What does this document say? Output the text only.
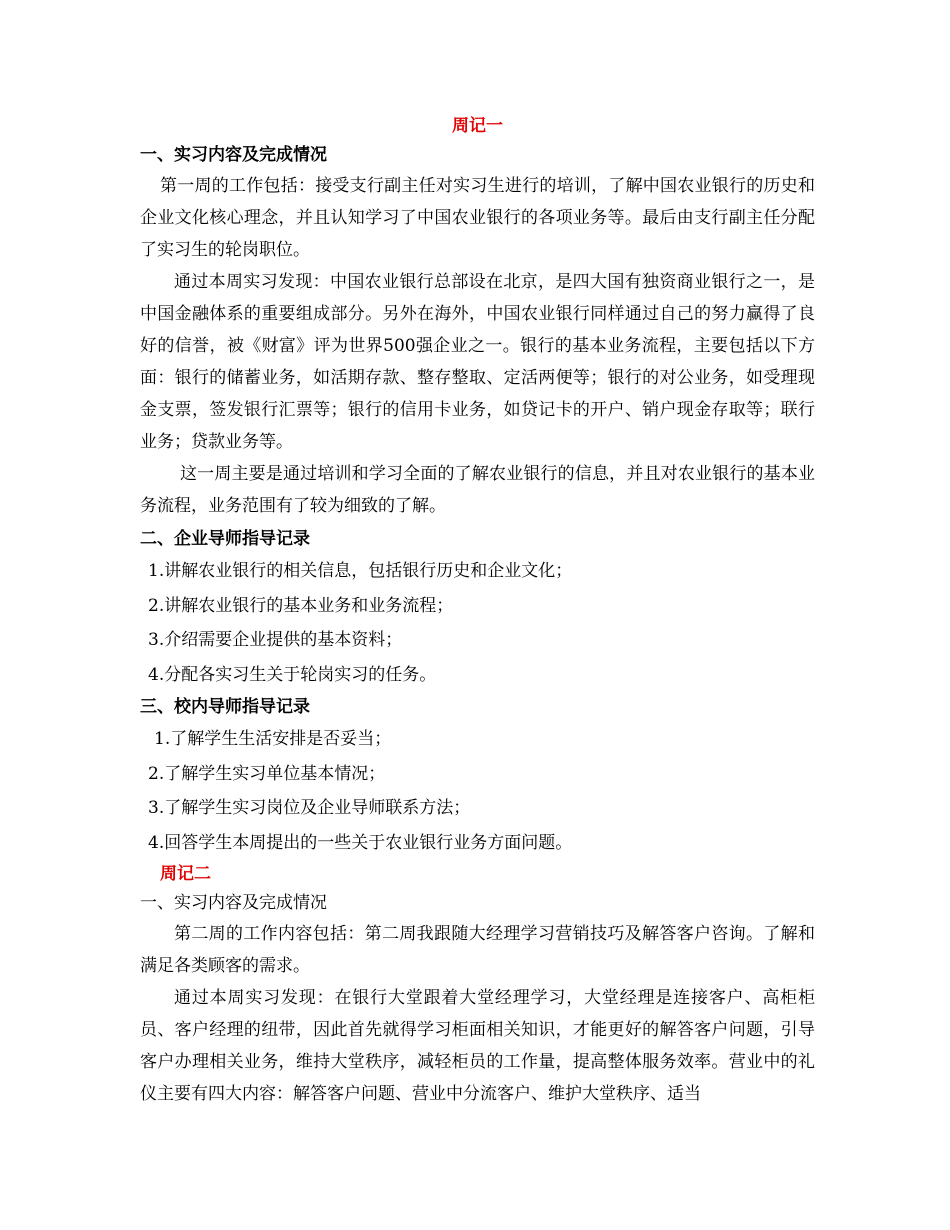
周记一
一、实习内容及完成情况

第一周的工作包括：接受支行副主任对实习生进行的培训，了解中国农业银行的历史和企业文化核心理念，并且认知学习了中国农业银行的各项业务等。最后由支行副主任分配了实习生的轮岗职位。

通过本周实习发现：中国农业银行总部设在北京，是四大国有独资商业银行之一，是中国金融体系的重要组成部分。另外在海外，中国农业银行同样通过自己的努力赢得了良好的信誉，被《财富》评为世界500强企业之一。银行的基本业务流程，主要包括以下方面：银行的储蓄业务，如活期存款、整存整取、定活两便等；银行的对公业务，如受理现金支票，签发银行汇票等；银行的信用卡业务，如贷记卡的开户、销户现金存取等；联行业务；贷款业务等。

这一周主要是通过培训和学习全面的了解农业银行的信息，并且对农业银行的基本业务流程，业务范围有了较为细致的了解。

二、企业导师指导记录

1.讲解农业银行的相关信息，包括银行历史和企业文化；

2.讲解农业银行的基本业务和业务流程；

3.介绍需要企业提供的基本资料；

4.分配各实习生关于轮岗实习的任务。

三、校内导师指导记录

1.了解学生生活安排是否妥当；

2.了解学生实习单位基本情况；

3.了解学生实习岗位及企业导师联系方法；

4.回答学生本周提出的一些关于农业银行业务方面问题。

周记二
一、实习内容及完成情况

第二周的工作内容包括：第二周我跟随大经理学习营销技巧及解答客户咨询。了解和满足各类顾客的需求。

通过本周实习发现：在银行大堂跟着大堂经理学习，大堂经理是连接客户、高柜柜员、客户经理的纽带，因此首先就得学习柜面相关知识，才能更好的解答客户问题，引导客户办理相关业务，维持大堂秩序，减轻柜员的工作量，提高整体服务效率。营业中的礼仪主要有四大内容：解答客户问题、营业中分流客户、维护大堂秩序、适当
